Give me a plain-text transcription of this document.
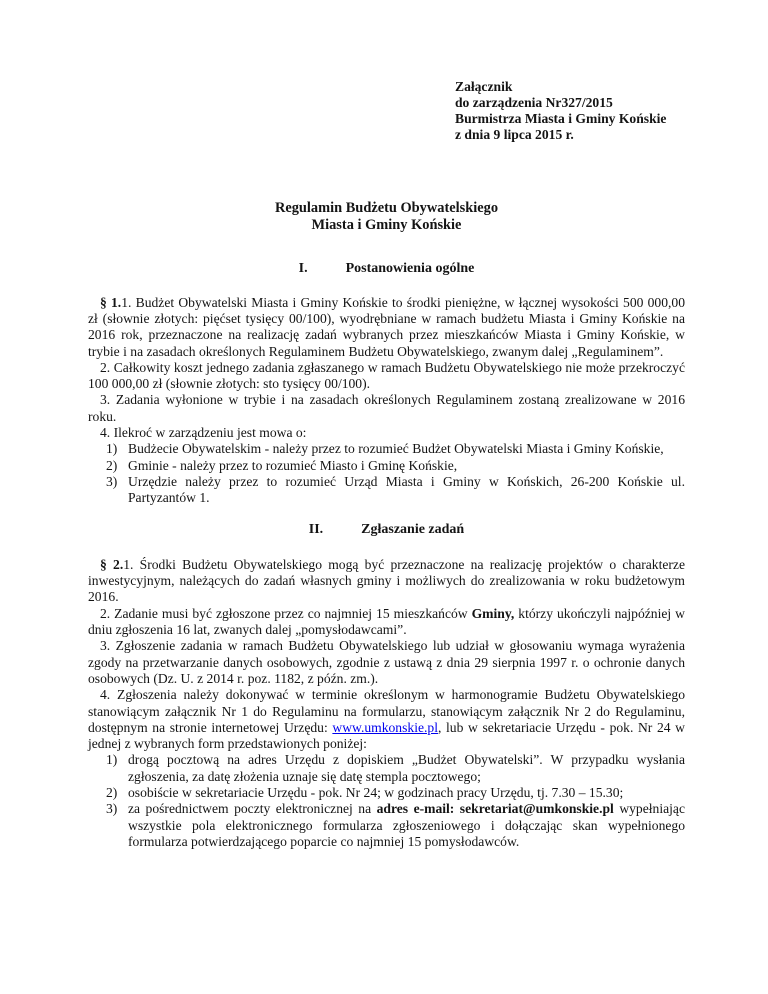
Załącznik
do zarządzenia Nr327/2015
Burmistrza Miasta i Gminy Końskie
z dnia 9 lipca 2015 r.
Regulamin Budżetu Obywatelskiego
Miasta i Gminy Końskie
I.	Postanowienia ogólne

§ 1.1. Budżet Obywatelski Miasta i Gminy Końskie to środki pieniężne, w łącznej wysokości 500 000,00 zł (słownie złotych: pięćset tysięcy 00/100), wyodrębniane w ramach budżetu Miasta i Gminy Końskie na 2016 rok, przeznaczone na realizację zadań wybranych przez mieszkańców Miasta i Gminy Końskie, w trybie i na zasadach określonych Regulaminem Budżetu Obywatelskiego, zwanym dalej „Regulaminem”.

2. Całkowity koszt jednego zadania zgłaszanego w ramach Budżetu Obywatelskiego nie może przekroczyć 100 000,00 zł (słownie złotych: sto tysięcy 00/100).

3. Zadania wyłonione w trybie i na zasadach określonych Regulaminem zostaną zrealizowane w 2016 roku.

4. Ilekroć w zarządzeniu jest mowa o:

1) Budżecie Obywatelskim - należy przez to rozumieć Budżet Obywatelski Miasta i Gminy Końskie,
2) Gminie - należy przez to rozumieć Miasto i Gminę Końskie,
3) Urzędzie należy przez to rozumieć Urząd Miasta i Gminy w Końskich, 26-200 Końskie ul. Partyzantów 1.
II.	Zgłaszanie zadań

§ 2.1. Środki Budżetu Obywatelskiego mogą być przeznaczone na realizację projektów o charakterze inwestycyjnym, należących do zadań własnych gminy i możliwych do zrealizowania w roku budżetowym 2016.

2. Zadanie musi być zgłoszone przez co najmniej 15 mieszkańców Gminy, którzy ukończyli najpóźniej w dniu zgłoszenia 16 lat, zwanych dalej „pomysłodawcami”.

3. Zgłoszenie zadania w ramach Budżetu Obywatelskiego lub udział w głosowaniu wymaga wyrażenia zgody na przetwarzanie danych osobowych, zgodnie z ustawą z dnia 29 sierpnia 1997 r. o ochronie danych osobowych (Dz. U. z 2014 r. poz. 1182, z późn. zm.).

4. Zgłoszenia należy dokonywać w terminie określonym w harmonogramie Budżetu Obywatelskiego stanowiącym załącznik Nr 1 do Regulaminu na formularzu, stanowiącym załącznik Nr 2 do Regulaminu, dostępnym na stronie internetowej Urzędu: www.umkonskie.pl, lub w sekretariacie Urzędu - pok. Nr 24 w jednej z wybranych form przedstawionych poniżej:

1) drogą pocztową na adres Urzędu z dopiskiem „Budżet Obywatelski”. W przypadku wysłania zgłoszenia, za datę złożenia uznaje się datę stempla pocztowego;
2) osobiście w sekretariacie Urzędu - pok. Nr 24; w godzinach pracy Urzędu, tj. 7.30 – 15.30;
3) za pośrednictwem poczty elektronicznej na adres e-mail: sekretariat@umkonskie.pl wypełniając wszystkie pola elektronicznego formularza zgłoszeniowego i dołączając skan wypełnionego formularza potwierdzającego poparcie co najmniej 15 pomysłodawców.
